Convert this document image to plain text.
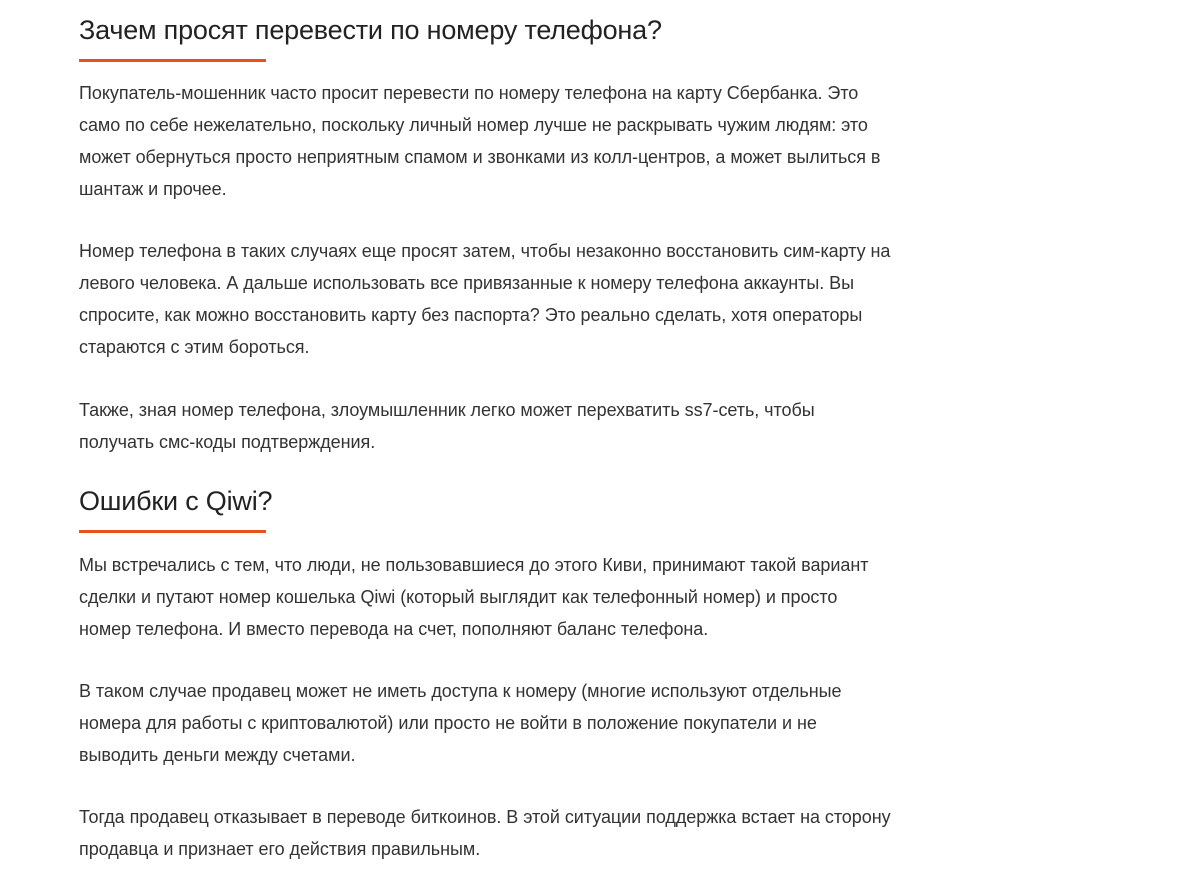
Зачем просят перевести по номеру телефона?

Покупатель-мошенник часто просит перевести по номеру телефона на карту Сбербанка. Это
само по себе нежелательно, поскольку личный номер лучше не раскрывать чужим людям: это
может обернуться просто неприятным спамом и звонками из колл-центров, а может вылиться в
шантаж и прочее.

Номер телефона в таких случаях еще просят затем, чтобы незаконно восстановить сим-карту на
левого человека. А дальше использовать все привязанные к номеру телефона аккаунты. Вы
спросите, как можно восстановить карту без паспорта? Это реально сделать, хотя операторы
стараются с этим бороться.

Также, зная номер телефона, злоумышленник легко может перехватить ss7-сеть, чтобы
получать смс-коды подтверждения.

Ошибки с Qiwi?

Мы встречались с тем, что люди, не пользовавшиеся до этого Киви, принимают такой вариант
сделки и путают номер кошелька Qiwi (который выглядит как телефонный номер) и просто
номер телефона. И вместо перевода на счет, пополняют баланс телефона.

В таком случае продавец может не иметь доступа к номеру (многие используют отдельные
номера для работы с криптовалютой) или просто не войти в положение покупатели и не
выводить деньги между счетами.

Тогда продавец отказывает в переводе биткоинов. В этой ситуации поддержка встает на сторону
продавца и признает его действия правильным.
